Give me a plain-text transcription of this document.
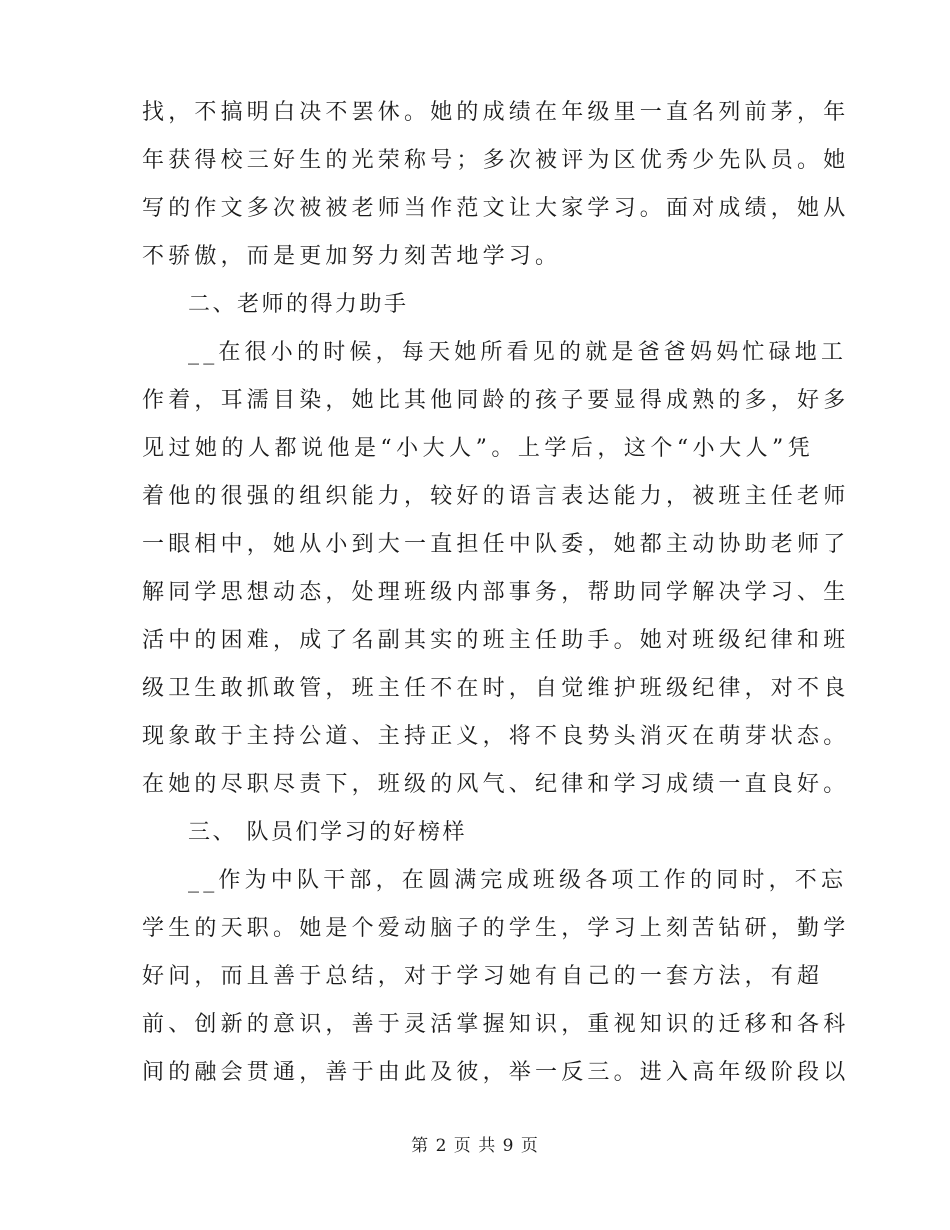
找，不搞明白决不罢休。她的成绩在年级里一直名列前茅，年
年获得校三好生的光荣称号；多次被评为区优秀少先队员。她
写的作文多次被被老师当作范文让大家学习。面对成绩，她从
不骄傲，而是更加努力刻苦地学习。
二、老师的得力助手
__在很小的时候，每天她所看见的就是爸爸妈妈忙碌地工
作着，耳濡目染，她比其他同龄的孩子要显得成熟的多，好多
见过她的人都说他是“小大人”。上学后，这个“小大人”凭
着他的很强的组织能力，较好的语言表达能力，被班主任老师
一眼相中，她从小到大一直担任中队委，她都主动协助老师了
解同学思想动态，处理班级内部事务，帮助同学解决学习、生
活中的困难，成了名副其实的班主任助手。她对班级纪律和班
级卫生敢抓敢管，班主任不在时，自觉维护班级纪律，对不良
现象敢于主持公道、主持正义，将不良势头消灭在萌芽状态。
在她的尽职尽责下，班级的风气、纪律和学习成绩一直良好。
三、 队员们学习的好榜样
__作为中队干部，在圆满完成班级各项工作的同时，不忘
学生的天职。她是个爱动脑子的学生，学习上刻苦钻研，勤学
好问，而且善于总结，对于学习她有自己的一套方法，有超
前、创新的意识，善于灵活掌握知识，重视知识的迁移和各科
间的融会贯通，善于由此及彼，举一反三。进入高年级阶段以
第 2 页 共 9 页
